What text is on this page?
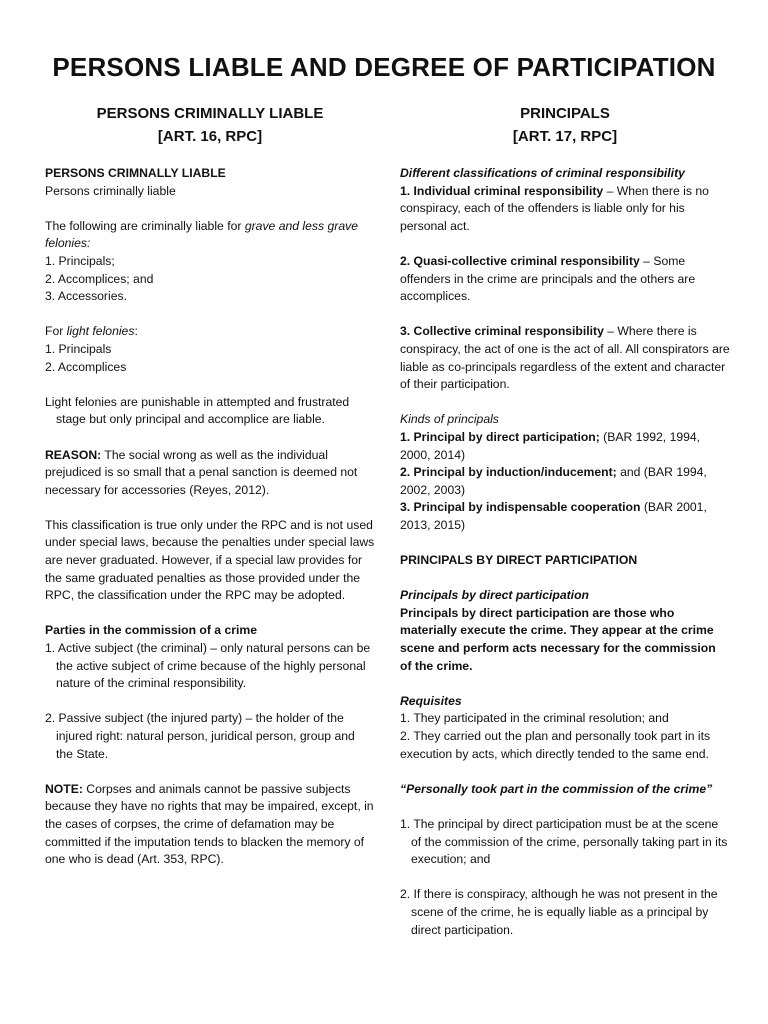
PERSONS LIABLE AND DEGREE OF PARTICIPATION
PERSONS CRIMINALLY LIABLE
[ART. 16, RPC]

PERSONS CRIMNALLY LIABLE
Persons criminally liable

The following are criminally liable for grave and less grave felonies:
1. Principals;
2. Accomplices; and
3. Accessories.

For light felonies:
1. Principals
2. Accomplices

Light felonies are punishable in attempted and frustrated stage but only principal and accomplice are liable.

REASON: The social wrong as well as the individual prejudiced is so small that a penal sanction is deemed not necessary for accessories (Reyes, 2012).

This classification is true only under the RPC and is not used under special laws, because the penalties under special laws are never graduated. However, if a special law provides for the same graduated penalties as those provided under the RPC, the classification under the RPC may be adopted.

Parties in the commission of a crime

1. Active subject (the criminal) – only natural persons can be the active subject of crime because of the highly personal nature of the criminal responsibility.

2. Passive subject (the injured party) – the holder of the injured right: natural person, juridical person, group and the State.

NOTE: Corpses and animals cannot be passive subjects because they have no rights that may be impaired, except, in the cases of corpses, the crime of defamation may be committed if the imputation tends to blacken the memory of one who is dead (Art. 353, RPC).

PRINCIPALS
[ART. 17, RPC]

Different classifications of criminal responsibility

1. Individual criminal responsibility – When there is no conspiracy, each of the offenders is liable only for his personal act.

2. Quasi-collective criminal responsibility – Some offenders in the crime are principals and the others are accomplices.

3. Collective criminal responsibility – Where there is conspiracy, the act of one is the act of all. All conspirators are liable as co-principals regardless of the extent and character of their participation.

Kinds of principals
1. Principal by direct participation; (BAR 1992, 1994, 2000, 2014)
2. Principal by induction/inducement; and (BAR 1994, 2002, 2003)
3. Principal by indispensable cooperation (BAR 2001, 2013, 2015)

PRINCIPALS BY DIRECT PARTICIPATION

Principals by direct participation
Principals by direct participation are those who materially execute the crime. They appear at the crime scene and perform acts necessary for the commission of the crime.

Requisites
1. They participated in the criminal resolution; and
2. They carried out the plan and personally took part in its execution by acts, which directly tended to the same end.

“Personally took part in the commission of the crime”

1. The principal by direct participation must be at the scene of the commission of the crime, personally taking part in its execution; and

2. If there is conspiracy, although he was not present in the scene of the crime, he is equally liable as a principal by direct participation.
